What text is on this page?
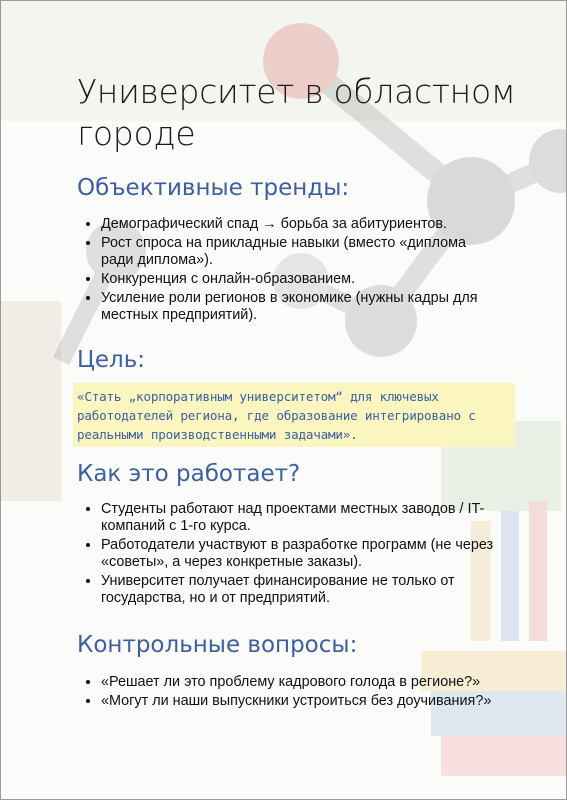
Университет в областном городе
Объективные тренды:
• Демографический спад → борьба за абитуриентов.
• Рост спроса на прикладные навыки (вместо «диплома ради диплома»).
• Конкуренция с онлайн-образованием.
• Усиление роли регионов в экономике (нужны кадры для местных предприятий).
Цель:
«Стать „корпоративным университетом“ для ключевых работодателей региона, где образование интегрировано с реальными производственными задачами».
Как это работает?
• Студенты работают над проектами местных заводов / IT-компаний с 1-го курса.
• Работодатели участвуют в разработке программ (не через «советы», а через конкретные заказы).
• Университет получает финансирование не только от государства, но и от предприятий.
Контрольные вопросы:
• «Решает ли это проблему кадрового голода в регионе?»
• «Могут ли наши выпускники устроиться без доучивания?»
